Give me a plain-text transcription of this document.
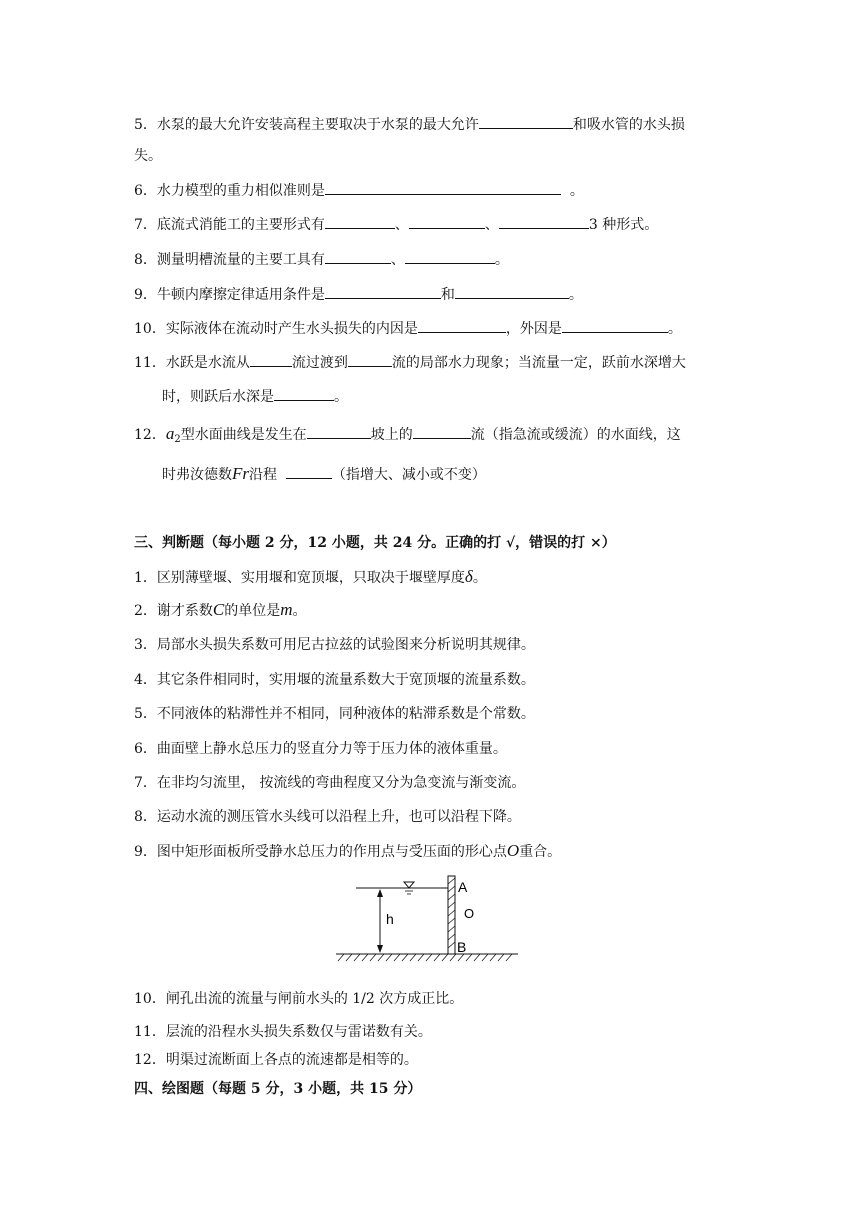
5．水泵的最大允许安装高程主要取决于水泵的最大允许	和吸水管的水头损
失。
6．水力模型的重力相似准则是	。
7．底流式消能工的主要形式有	、	、	3 种形式。
8．测量明槽流量的主要工具有	、	。
9．牛顿内摩擦定律适用条件是	和	。
10．实际液体在流动时产生水头损失的内因是	，外因是	。
11．水跃是水流从	流过渡到	流的局部水力现象；当流量一定，跃前水深增大
时，则跃后水深是	。
12．$a_2$型水面曲线是发生在	坡上的	流（指急流或缓流）的水面线，这
时弗汝德数Fr沿程	（指增大、减小或不变）
三、判断题（每小题 2 分，12 小题，共 24 分。正确的打 √，错误的打 ×）
1．区别薄壁堰、实用堰和宽顶堰，只取决于堰壁厚度δ。
2．谢才系数C的单位是m。
3．局部水头损失系数可用尼古拉兹的试验图来分析说明其规律。
4．其它条件相同时，实用堰的流量系数大于宽顶堰的流量系数。
5．不同液体的粘滞性并不相同，同种液体的粘滞系数是个常数。
6．曲面壁上静水总压力的竖直分力等于压力体的液体重量。
7．在非均匀流里， 按流线的弯曲程度又分为急变流与渐变流。
8．运动水流的测压管水头线可以沿程上升，也可以沿程下降。
9．图中矩形面板所受静水总压力的作用点与受压面的形心点O重合。
h
A
O
B
10．闸孔出流的流量与闸前水头的 1/2 次方成正比。
11．层流的沿程水头损失系数仅与雷诺数有关。
12．明渠过流断面上各点的流速都是相等的。
四、绘图题（每题 5 分，3 小题，共 15 分）
